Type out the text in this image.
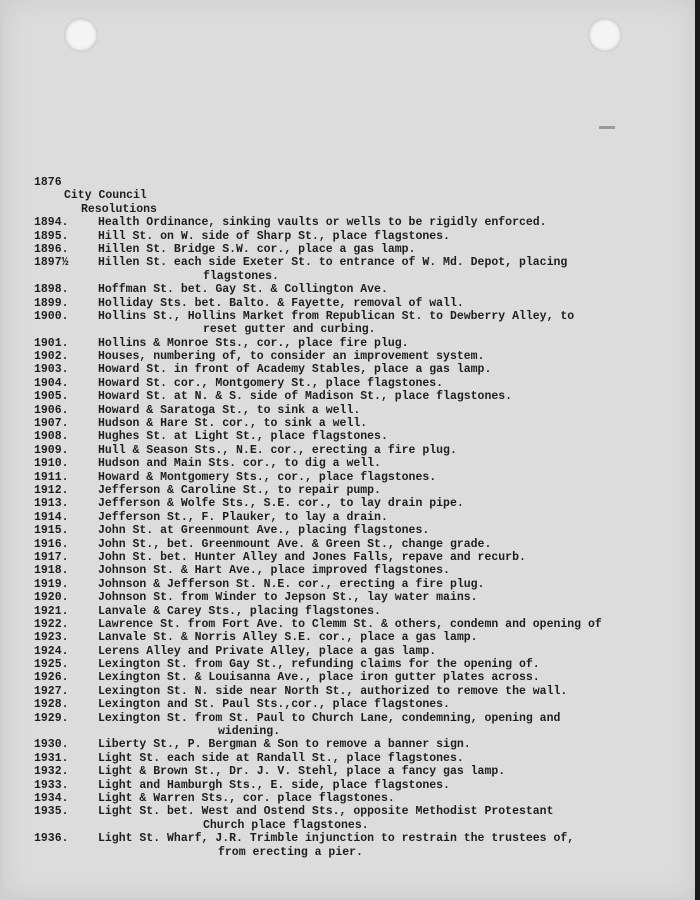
1876
City Council
Resolutions
1894.	Health Ordinance, sinking vaults or wells to be rigidly enforced.
1895.	Hill St. on W. side of Sharp St., place flagstones.
1896.	Hillen St. Bridge S.W. cor., place a gas lamp.
1897½	Hillen St. each side Exeter St. to entrance of W. Md. Depot, placing
flagstones.
1898.	Hoffman St. bet. Gay St. & Collington Ave.
1899.	Holliday Sts. bet. Balto. & Fayette, removal of wall.
1900.	Hollins St., Hollins Market from Republican St. to Dewberry Alley, to
reset gutter and curbing.
1901.	Hollins & Monroe Sts., cor., place fire plug.
1902.	Houses, numbering of, to consider an improvement system.
1903.	Howard St. in front of Academy Stables, place a gas lamp.
1904.	Howard St. cor., Montgomery St., place flagstones.
1905.	Howard St. at N. & S. side of Madison St., place flagstones.
1906.	Howard & Saratoga St., to sink a well.
1907.	Hudson & Hare St. cor., to sink a well.
1908.	Hughes St. at Light St., place flagstones.
1909.	Hull & Season Sts., N.E. cor., erecting a fire plug.
1910.	Hudson and Main Sts. cor., to dig a well.
1911.	Howard & Montgomery Sts., cor., place flagstones.
1912.	Jefferson & Caroline St., to repair pump.
1913.	Jefferson & Wolfe Sts., S.E. cor., to lay drain pipe.
1914.	Jefferson St., F. Plauker, to lay a drain.
1915.	John St. at Greenmount Ave., placing flagstones.
1916.	John St., bet. Greenmount Ave. & Green St., change grade.
1917.	John St. bet. Hunter Alley and Jones Falls, repave and recurb.
1918.	Johnson St. & Hart Ave., place improved flagstones.
1919.	Johnson & Jefferson St. N.E. cor., erecting a fire plug.
1920.	Johnson St. from Winder to Jepson St., lay water mains.
1921.	Lanvale & Carey Sts., placing flagstones.
1922.	Lawrence St. from Fort Ave. to Clemm St. & others, condemn and opening of
1923.	Lanvale St. & Norris Alley S.E. cor., place a gas lamp.
1924.	Lerens Alley and Private Alley, place a gas lamp.
1925.	Lexington St. from Gay St., refunding claims for the opening of.
1926.	Lexington St. & Louisanna Ave., place iron gutter plates across.
1927.	Lexington St. N. side near North St., authorized to remove the wall.
1928.	Lexington and St. Paul Sts.,cor., place flagstones.
1929.	Lexington St. from St. Paul to Church Lane, condemning, opening and
widening.
1930.	Liberty St., P. Bergman & Son to remove a banner sign.
1931.	Light St. each side at Randall St., place flagstones.
1932.	Light & Brown St., Dr. J. V. Stehl, place a fancy gas lamp.
1933.	Light and Hamburgh Sts., E. side, place flagstones.
1934.	Light & Warren Sts., cor. place flagstones.
1935.	Light St. bet. West and Ostend Sts., opposite Methodist Protestant
Church place flagstones.
1936.	Light St. Wharf, J.R. Trimble injunction to restrain the trustees of,
from erecting a pier.
